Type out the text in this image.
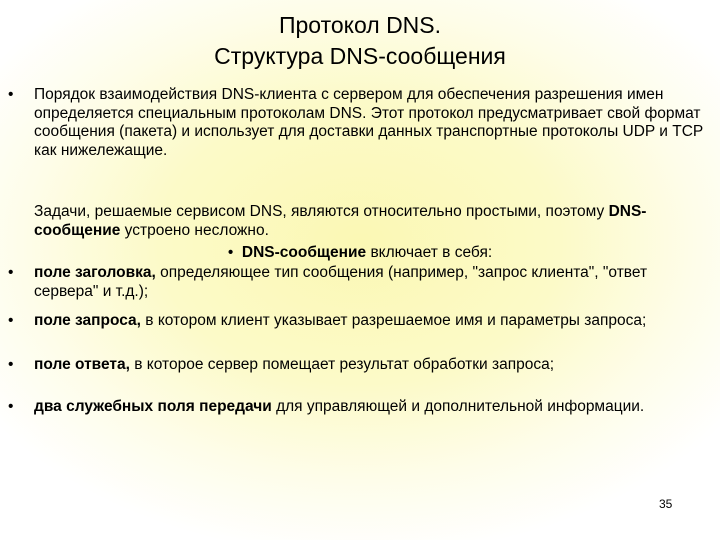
Протокол DNS.
Структура DNS-сообщения
• Порядок взаимодействия DNS-клиента с сервером для обеспечения разрешения имен определяется специальным протоколам DNS. Этот протокол предусматривает свой формат сообщения (пакета) и использует для доставки данных транспортные протоколы UDP и TCP как нижележащие.
Задачи, решаемые сервисом DNS, являются относительно простыми, поэтому DNS-сообщение устроено несложно.
• DNS-сообщение включает в себя:
• поле заголовка, определяющее тип сообщения (например, "запрос клиента", "ответ сервера" и т.д.);
• поле запроса, в котором клиент указывает разрешаемое имя и параметры запроса;
• поле ответа, в которое сервер помещает результат обработки запроса;
• два служебных поля передачи для управляющей и дополнительной информации.
35
